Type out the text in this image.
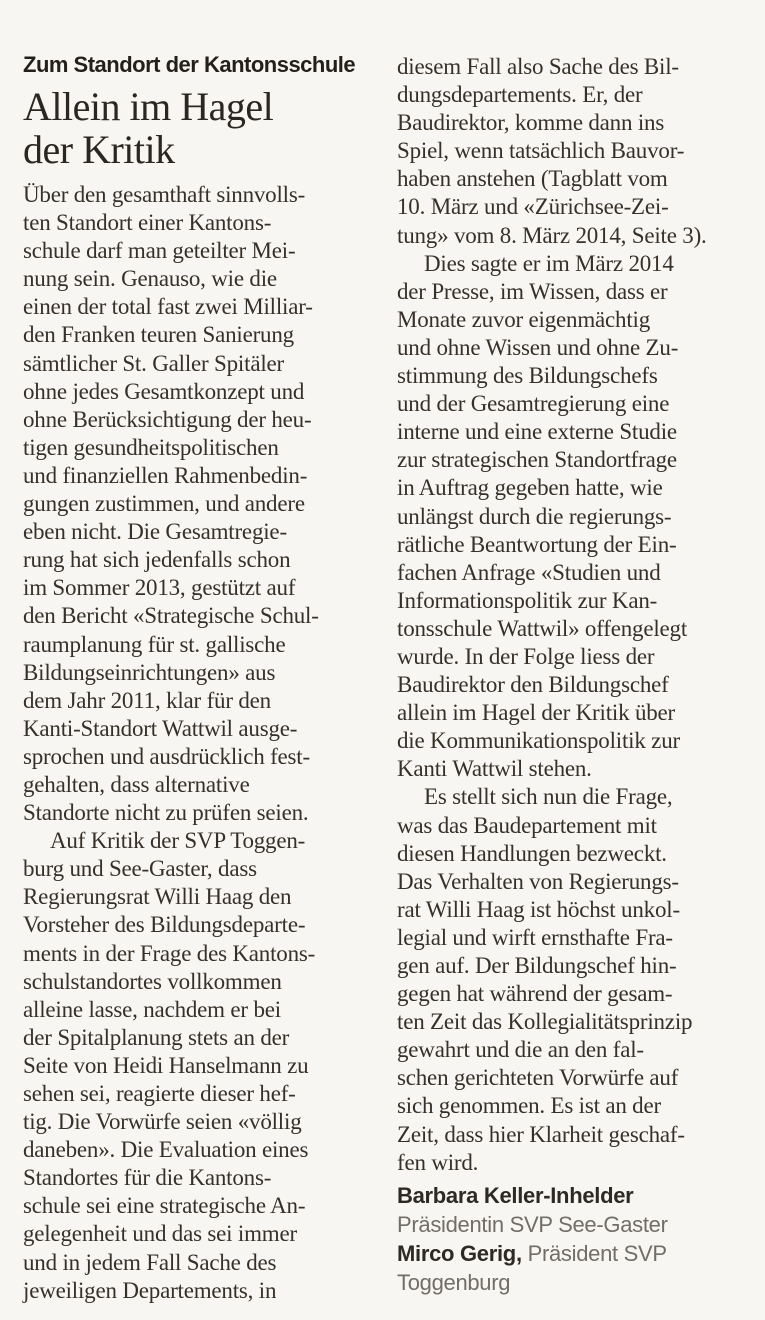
Zum Standort der Kantonsschule
Allein im Hagel
der Kritik
Über den gesamthaft sinnvolls-
ten Standort einer Kantons-
schule darf man geteilter Mei-
nung sein. Genauso, wie die
einen der total fast zwei Milliar-
den Franken teuren Sanierung
sämtlicher St. Galler Spitäler
ohne jedes Gesamtkonzept und
ohne Berücksichtigung der heu-
tigen gesundheitspolitischen
und finanziellen Rahmenbedin-
gungen zustimmen, und andere
eben nicht. Die Gesamtregie-
rung hat sich jedenfalls schon
im Sommer 2013, gestützt auf
den Bericht «Strategische Schul-
raumplanung für st. gallische
Bildungseinrichtungen» aus
dem Jahr 2011, klar für den
Kanti-Standort Wattwil ausge-
sprochen und ausdrücklich fest-
gehalten, dass alternative
Standorte nicht zu prüfen seien.
Auf Kritik der SVP Toggen-
burg und See-Gaster, dass
Regierungsrat Willi Haag den
Vorsteher des Bildungsdeparte-
ments in der Frage des Kantons-
schulstandortes vollkommen
alleine lasse, nachdem er bei
der Spitalplanung stets an der
Seite von Heidi Hanselmann zu
sehen sei, reagierte dieser hef-
tig. Die Vorwürfe seien «völlig
daneben». Die Evaluation eines
Standortes für die Kantons-
schule sei eine strategische An-
gelegenheit und das sei immer
und in jedem Fall Sache des
jeweiligen Departements, in
diesem Fall also Sache des Bil-
dungsdepartements. Er, der
Baudirektor, komme dann ins
Spiel, wenn tatsächlich Bauvor-
haben anstehen (Tagblatt vom
10. März und «Zürichsee-Zei-
tung» vom 8. März 2014, Seite 3).
Dies sagte er im März 2014
der Presse, im Wissen, dass er
Monate zuvor eigenmächtig
und ohne Wissen und ohne Zu-
stimmung des Bildungschefs
und der Gesamtregierung eine
interne und eine externe Studie
zur strategischen Standortfrage
in Auftrag gegeben hatte, wie
unlängst durch die regierungs-
rätliche Beantwortung der Ein-
fachen Anfrage «Studien und
Informationspolitik zur Kan-
tonsschule Wattwil» offengelegt
wurde. In der Folge liess der
Baudirektor den Bildungschef
allein im Hagel der Kritik über
die Kommunikationspolitik zur
Kanti Wattwil stehen.
Es stellt sich nun die Frage,
was das Baudepartement mit
diesen Handlungen bezweckt.
Das Verhalten von Regierungs-
rat Willi Haag ist höchst unkol-
legial und wirft ernsthafte Fra-
gen auf. Der Bildungschef hin-
gegen hat während der gesam-
ten Zeit das Kollegialitätsprinzip
gewahrt und die an den fal-
schen gerichteten Vorwürfe auf
sich genommen. Es ist an der
Zeit, dass hier Klarheit geschaf-
fen wird.
Barbara Keller-Inhelder
Präsidentin SVP See-Gaster
Mirco Gerig, Präsident SVP
Toggenburg
